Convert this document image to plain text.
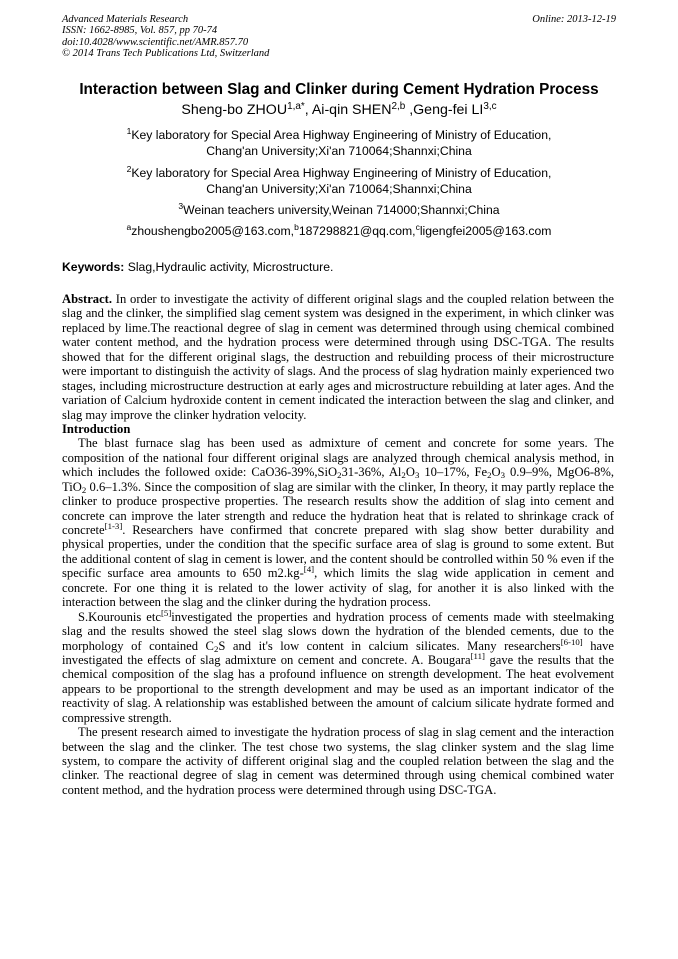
Advanced Materials Research
ISSN: 1662-8985, Vol. 857, pp 70-74
doi:10.4028/www.scientific.net/AMR.857.70
© 2014 Trans Tech Publications Ltd, Switzerland
Online: 2013-12-19
Interaction between Slag and Clinker during Cement Hydration Process
Sheng-bo $ZHOU^{1,a*}$, Ai-qin SHEN$^{2,b}$ ,Geng-fei LI$^{3,c}$
$^1$Key laboratory for Special Area Highway Engineering of Ministry of Education, Chang'an University;Xi'an 710064;Shannxi;China
$^2$Key laboratory for Special Area Highway Engineering of Ministry of Education, Chang'an University;Xi'an 710064;Shannxi;China
$^3$Weinan teachers university,Weinan 714000;Shannxi;China
$^a$zhoushengbo2005@163.com,$^b$187298821@qq.com,$^c$ligengfei2005@163.com
Keywords: Slag,Hydraulic activity, Microstructure.

Abstract. In order to investigate the activity of different original slags and the coupled relation between the slag and the clinker, the simplified slag cement system was designed in the experiment, in which clinker was replaced by lime.The reactional degree of slag in cement was determined through using chemical combined water content method, and the hydration process were determined through using DSC-TGA. The results showed that for the different original slags, the destruction and rebuilding process of their microstructure were important to distinguish the activity of slags. And the process of slag hydration mainly experienced two stages, including microstructure destruction at early ages and microstructure rebuilding at later ages. And the variation of Calcium hydroxide content in cement indicated the interaction between the slag and clinker, and slag may improve the clinker hydration velocity.

Introduction

The blast furnace slag has been used as admixture of cement and concrete for some years. The composition of the national four different original slags are analyzed through chemical analysis method, in which includes the followed oxide: CaO36-39%,SiO$_2$31-36%, $Al_2O_3$ 10–17%, $Fe_2O_3$ 0.9–9%, MgO6-8%, TiO$_2$ 0.6–1.3%. Since the composition of slag are similar with the clinker, In theory, it may partly replace the clinker to produce prospective properties. The research results show the addition of slag into cement and concrete can improve the later strength and reduce the hydration heat that is related to shrinkage crack of concrete[1-3]. Researchers have confirmed that concrete prepared with slag show better durability and physical properties, under the condition that the specific surface area of slag is ground to some extent. But the additional content of slag in cement is lower, and the content should be controlled within 50 % even if the specific surface area amounts to 650 m2.kg-[4], which limits the slag wide application in cement and concrete. For one thing it is related to the lower activity of slag, for another it is also linked with the interaction between the slag and the clinker during the hydration process.

S.Kourounis etc[5]investigated the properties and hydration process of cements made with steelmaking slag and the results showed the steel slag slows down the hydration of the blended cements, due to the morphology of contained $C_2S$ and it's low content in calcium silicates. Many researchers[6-10] have investigated the effects of slag admixture on cement and concrete. A. Bougara[11] gave the results that the chemical composition of the slag has a profound influence on strength development. The heat evolvement appears to be proportional to the strength development and may be used as an important indicator of the reactivity of slag. A relationship was established between the amount of calcium silicate hydrate formed and compressive strength.

The present research aimed to investigate the hydration process of slag in slag cement and the interaction between the slag and the clinker. The test chose two systems, the slag clinker system and the slag lime system, to compare the activity of different original slag and the coupled relation between the slag and the clinker. The reactional degree of slag in cement was determined through using chemical combined water content method, and the hydration process were determined through using DSC-TGA.
